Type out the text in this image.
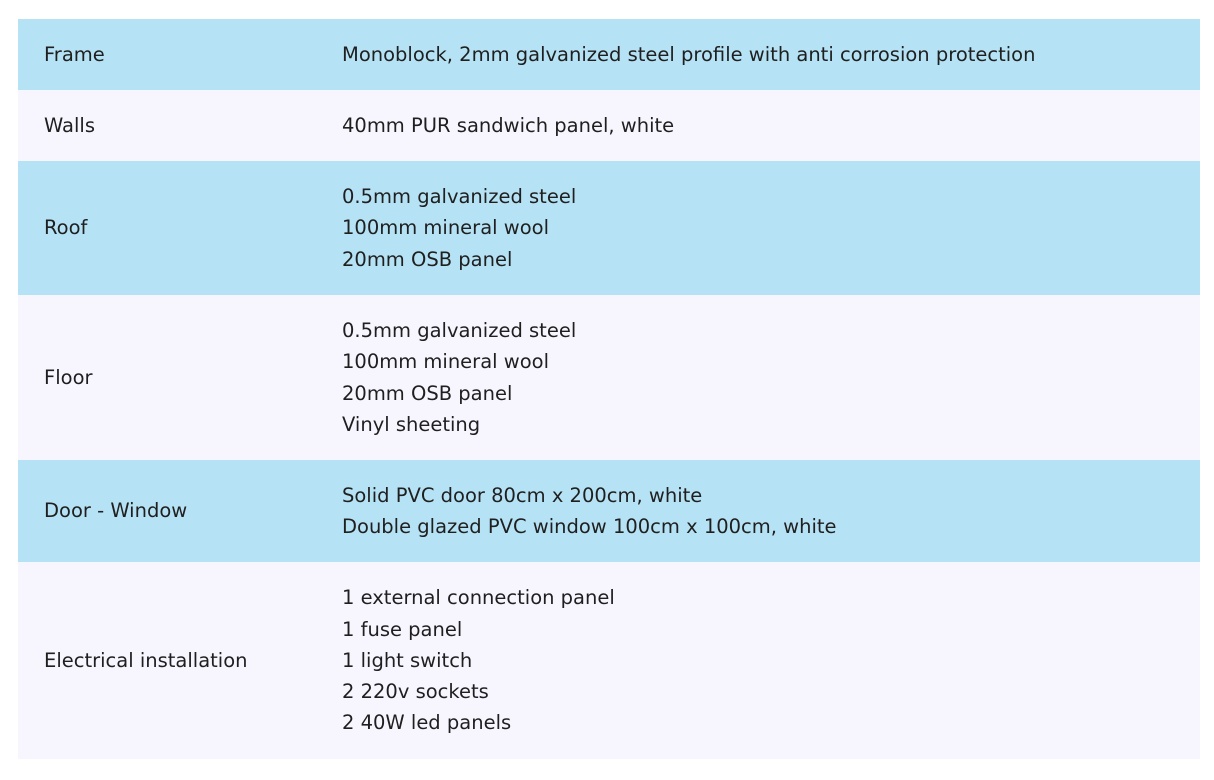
Frame	Monoblock, 2mm galvanized steel profile with anti corrosion protection

Walls	40mm PUR sandwich panel, white

Roof	0.5mm galvanized steel
100mm mineral wool
20mm OSB panel

Floor	0.5mm galvanized steel
100mm mineral wool
20mm OSB panel
Vinyl sheeting

Door - Window	Solid PVC door 80cm x 200cm, white
Double glazed PVC window 100cm x 100cm, white

Electrical installation	1 external connection panel
1 fuse panel
1 light switch
2 220v sockets
2 40W led panels
